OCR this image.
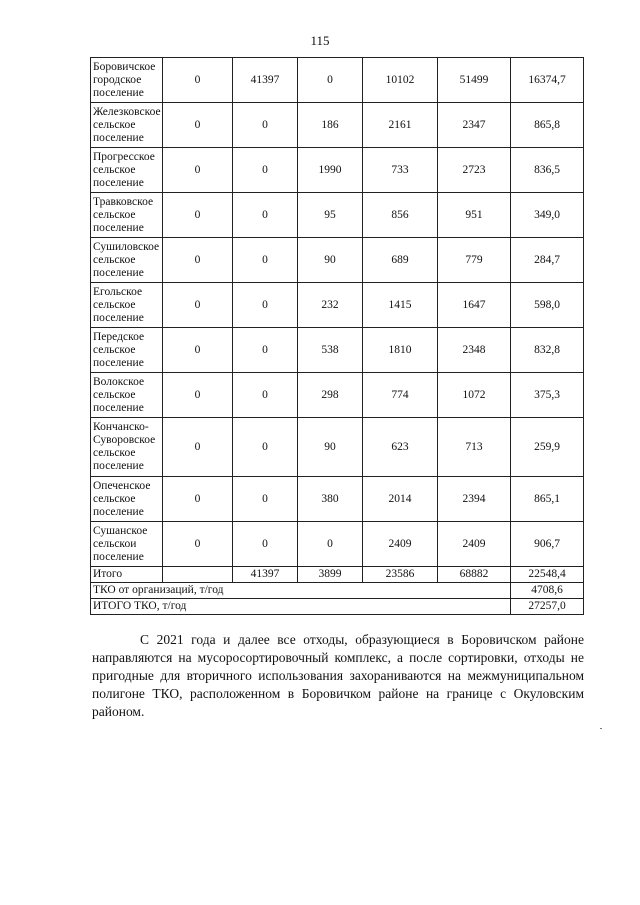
115
Боровичское городское поселение	0	41397	0	10102	51499	16374,7
Железковское сельское поселение	0	0	186	2161	2347	865,8
Прогресское сельское поселение	0	0	1990	733	2723	836,5
Травковское сельское поселение	0	0	95	856	951	349,0
Сушиловское сельское поселение	0	0	90	689	779	284,7
Егольское сельское поселение	0	0	232	1415	1647	598,0
Передское сельское поселение	0	0	538	1810	2348	832,8
Волокское сельское поселение	0	0	298	774	1072	375,3
Кончанско-Суворовское сельское поселение	0	0	90	623	713	259,9
Опеченское сельское поселение	0	0	380	2014	2394	865,1
Сушанское сельскои поселение	0	0	0	2409	2409	906,7
Итого		41397	3899	23586	68882	22548,4
ТКО от организаций, т/год						4708,6
ИТОГО ТКО, т/год						27257,0
С 2021 года и далее все отходы, образующиеся в Боровичском районе направляются на мусоросортировочный комплекс, а после сортировки, отходы не пригодные для вторичного использования захораниваются на межмуниципальном полигоне ТКО, расположенном в Боровичком районе на границе с Окуловским районом.
